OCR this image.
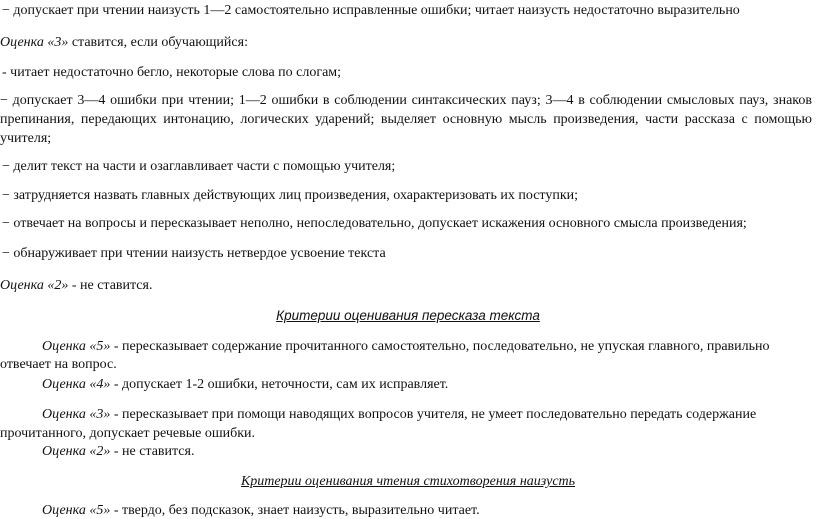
− допускает при чтении наизусть 1—2 самостоятельно исправленные ошибки; читает наизусть недостаточно выразительно
Оценка «3» ставится, если обучающийся:
- читает недостаточно бегло, некоторые слова по слогам;
− допускает 3—4 ошибки при чтении; 1—2 ошибки в соблюдении синтаксических пауз; 3—4 в соблюдении смысловых пауз, знаков
препинания, передающих интонацию, логических ударений; выделяет основную мысль произведения, части рассказа с помощью
учителя;
− делит текст на части и озаглавливает части с помощью учителя;
− затрудняется назвать главных действующих лиц произведения, охарактеризовать их поступки;
− отвечает на вопросы и пересказывает неполно, непоследовательно, допускает искажения основного смысла произведения;
− обнаруживает при чтении наизусть нетвердое усвоение текста
Оценка «2» - не ставится.
Критерии оценивания пересказа текста
Оценка «5» - пересказывает содержание прочитанного самостоятельно, последовательно, не упуская главного, правильно
отвечает на вопрос.
Оценка «4» - допускает 1-2 ошибки, неточности, сам их исправляет.
Оценка «3» - пересказывает при помощи наводящих вопросов учителя, не умеет последовательно передать содержание
прочитанного, допускает речевые ошибки.
Оценка «2» - не ставится.
Критерии оценивания чтения стихотворения наизусть
Оценка «5» - твердо, без подсказок, знает наизусть, выразительно читает.
